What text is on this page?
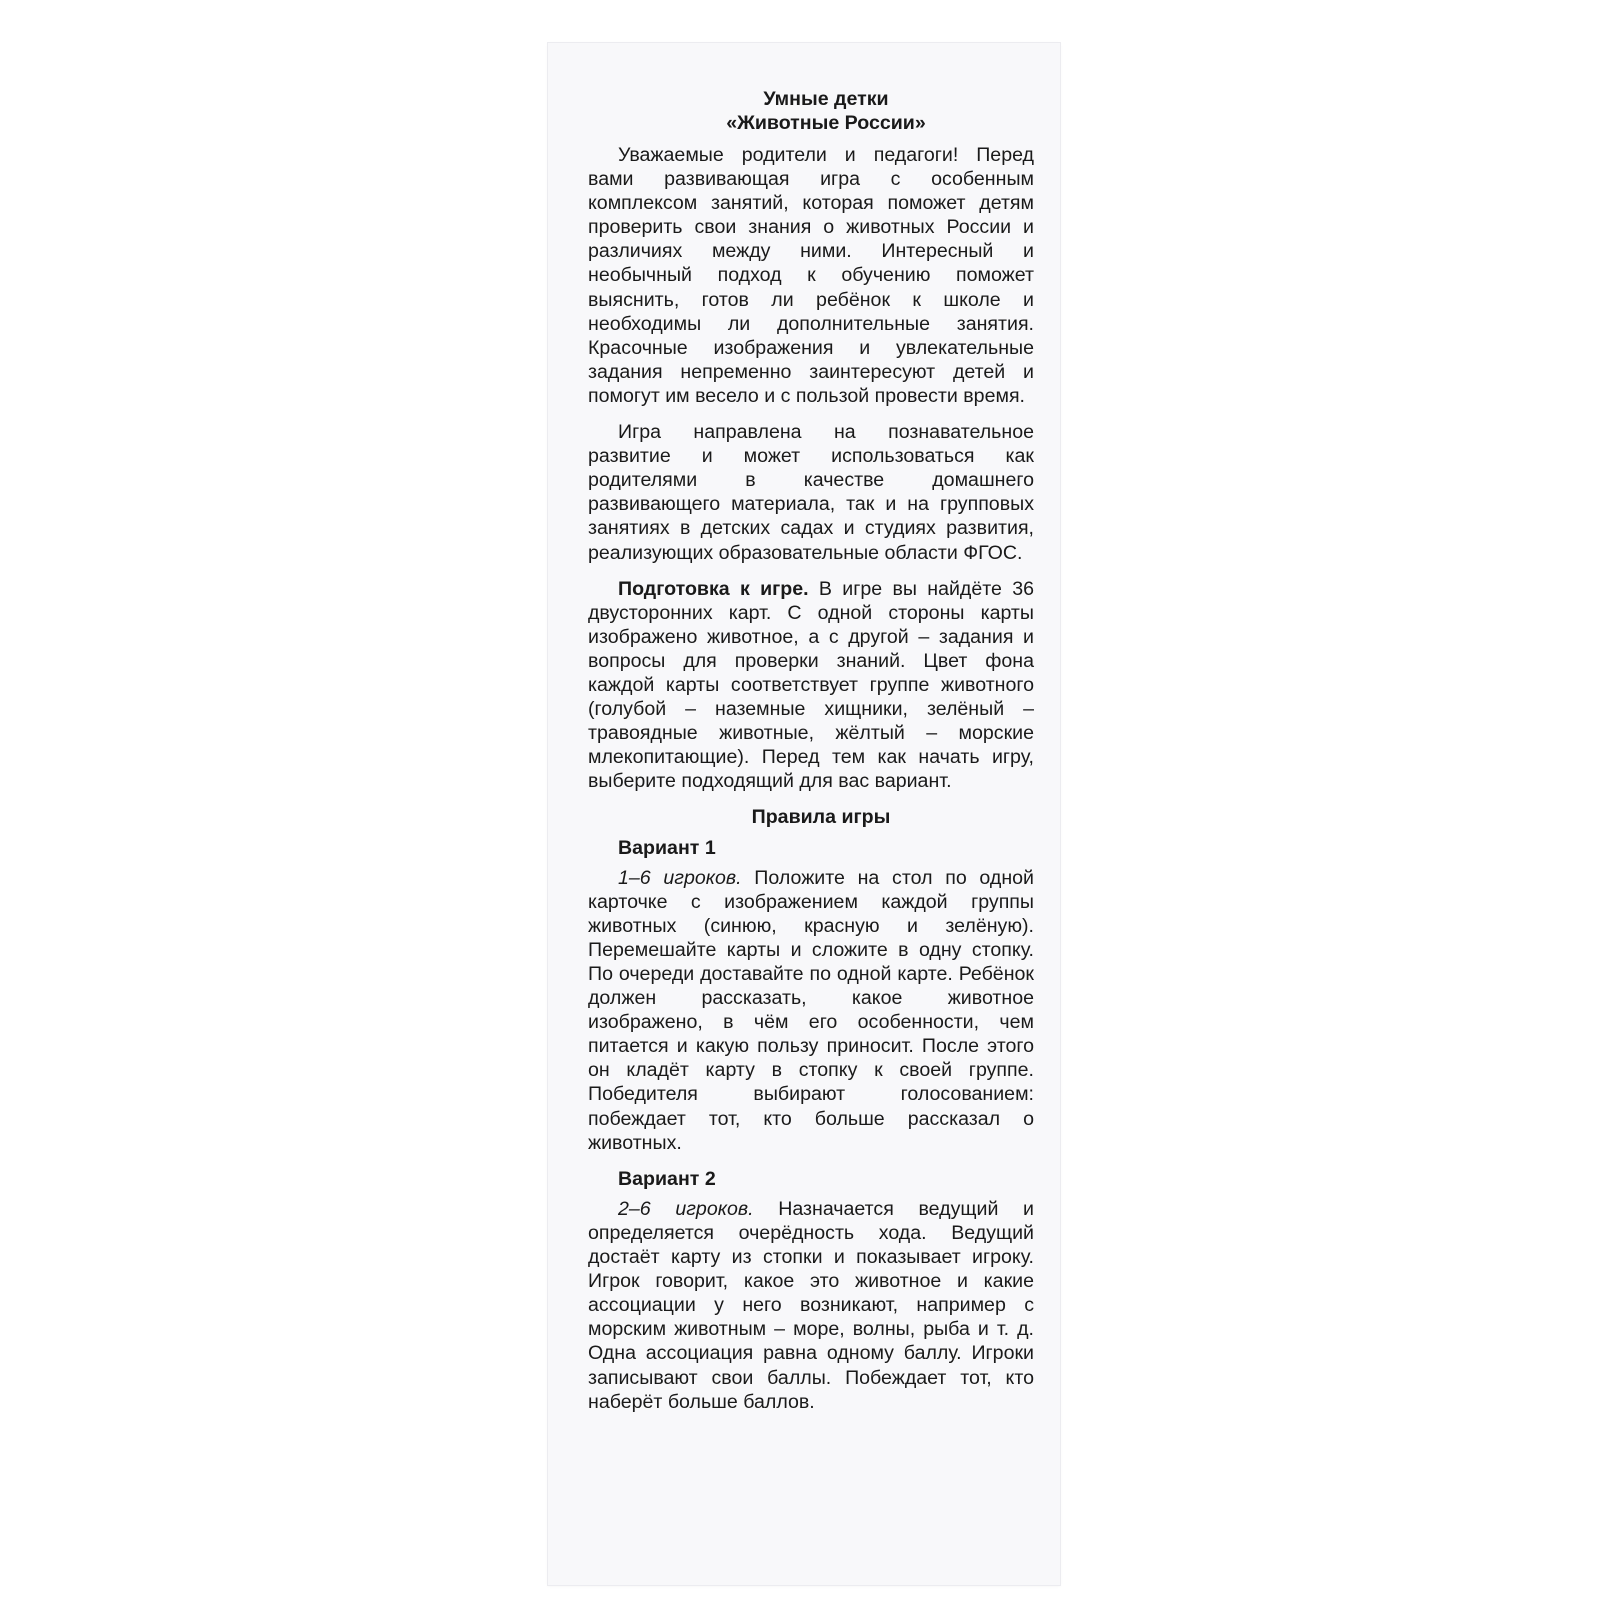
Умные детки
«Животные России»

Уважаемые родители и педагоги! Перед вами развивающая игра с особенным комплексом занятий, которая поможет детям проверить свои знания о животных России и различиях между ними. Интересный и необычный подход к обучению поможет выяснить, готов ли ребёнок к школе и необходимы ли дополнительные занятия. Красочные изображения и увлекательные задания непременно заинтересуют детей и помогут им весело и с пользой провести время.

Игра направлена на познавательное развитие и может использоваться как родителями в качестве домашнего развивающего материала, так и на групповых занятиях в детских садах и студиях развития, реализующих образовательные области ФГОС.

Подготовка к игре. В игре вы найдёте 36 двусторонних карт. С одной стороны карты изображено животное, а с другой – задания и вопросы для проверки знаний. Цвет фона каждой карты соответствует группе животного (голубой – наземные хищники, зелёный – травоядные животные, жёлтый – морские млекопитающие). Перед тем как начать игру, выберите подходящий для вас вариант.

Правила игры
Вариант 1

1–6 игроков. Положите на стол по одной карточке с изображением каждой группы животных (синюю, красную и зелёную). Перемешайте карты и сложите в одну стопку. По очереди доставайте по одной карте. Ребёнок должен рассказать, какое животное изображено, в чём его особенности, чем питается и какую пользу приносит. После этого он кладёт карту в стопку к своей группе. Победителя выбирают голосованием: побеждает тот, кто больше рассказал о животных.

Вариант 2

2–6 игроков. Назначается ведущий и определяется очерёдность хода. Ведущий достаёт карту из стопки и показывает игроку. Игрок говорит, какое это животное и какие ассоциации у него возникают, например с морским животным – море, волны, рыба и т. д. Одна ассоциация равна одному баллу. Игроки записывают свои баллы. Побеждает тот, кто наберёт больше баллов.
